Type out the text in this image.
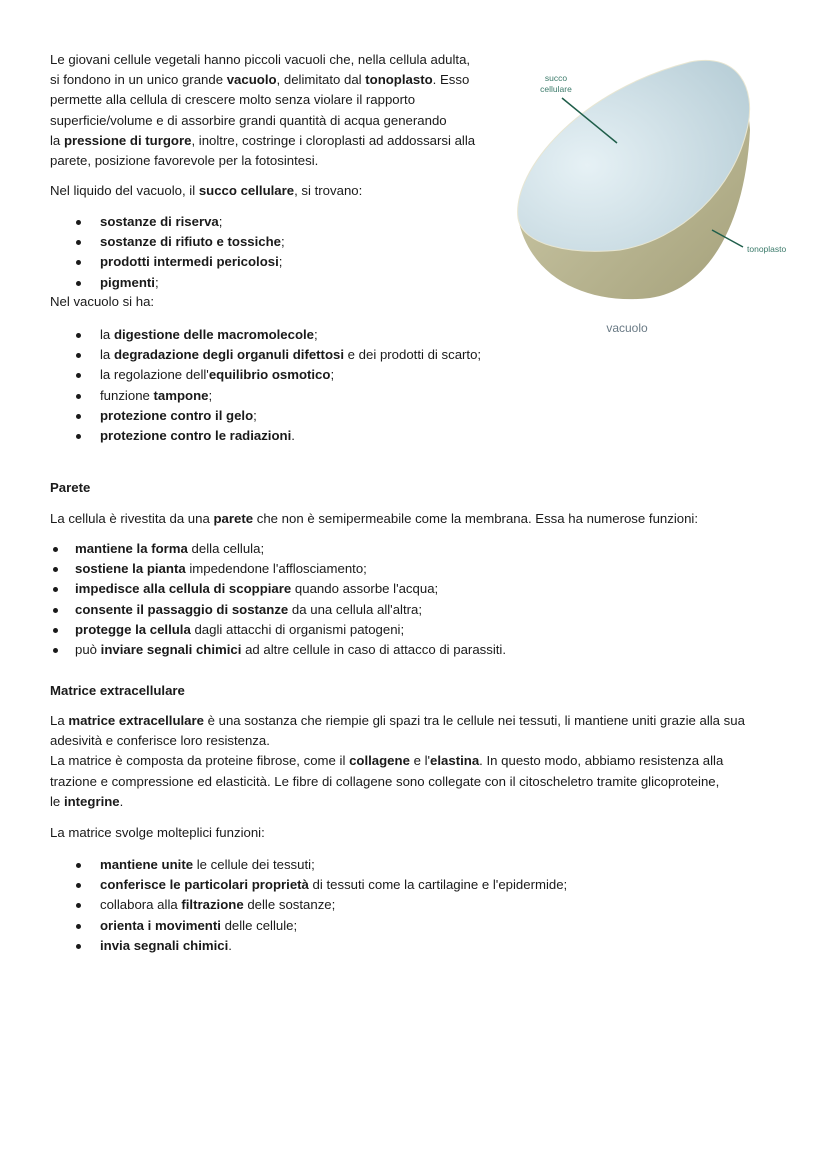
succo
cellulare
tonoplasto
vacuolo
Le giovani cellule vegetali hanno piccoli vacuoli che, nella cellula adulta,
si fondono in un unico grande vacuolo, delimitato dal tonoplasto. Esso
permette alla cellula di crescere molto senza violare il rapporto
superficie/volume e di assorbire grandi quantità di acqua generando
la pressione di turgore, inoltre, costringe i cloroplasti ad addossarsi alla
parete, posizione favorevole per la fotosintesi.
Nel liquido del vacuolo, il succo cellulare, si trovano:
sostanze di riserva;
sostanze di rifiuto e tossiche;
prodotti intermedi pericolosi;
pigmenti;
Nel vacuolo si ha:
la digestione delle macromolecole;
la degradazione degli organuli difettosi e dei prodotti di scarto;
la regolazione dell'equilibrio osmotico;
funzione tampone;
protezione contro il gelo;
protezione contro le radiazioni.
Parete
La cellula è rivestita da una parete che non è semipermeabile come la membrana. Essa ha numerose funzioni:
mantiene la forma della cellula;
sostiene la pianta impedendone l'afflosciamento;
impedisce alla cellula di scoppiare quando assorbe l'acqua;
consente il passaggio di sostanze da una cellula all'altra;
protegge la cellula dagli attacchi di organismi patogeni;
può inviare segnali chimici ad altre cellule in caso di attacco di parassiti.
Matrice extracellulare
La matrice extracellulare è una sostanza che riempie gli spazi tra le cellule nei tessuti, li mantiene uniti grazie alla sua
adesività e conferisce loro resistenza.
La matrice è composta da proteine fibrose, come il collagene e l'elastina. In questo modo, abbiamo resistenza alla
trazione e compressione ed elasticità. Le fibre di collagene sono collegate con il citoscheletro tramite glicoproteine,
le integrine.
La matrice svolge molteplici funzioni:
mantiene unite le cellule dei tessuti;
conferisce le particolari proprietà di tessuti come la cartilagine e l'epidermide;
collabora alla filtrazione delle sostanze;
orienta i movimenti delle cellule;
invia segnali chimici.
